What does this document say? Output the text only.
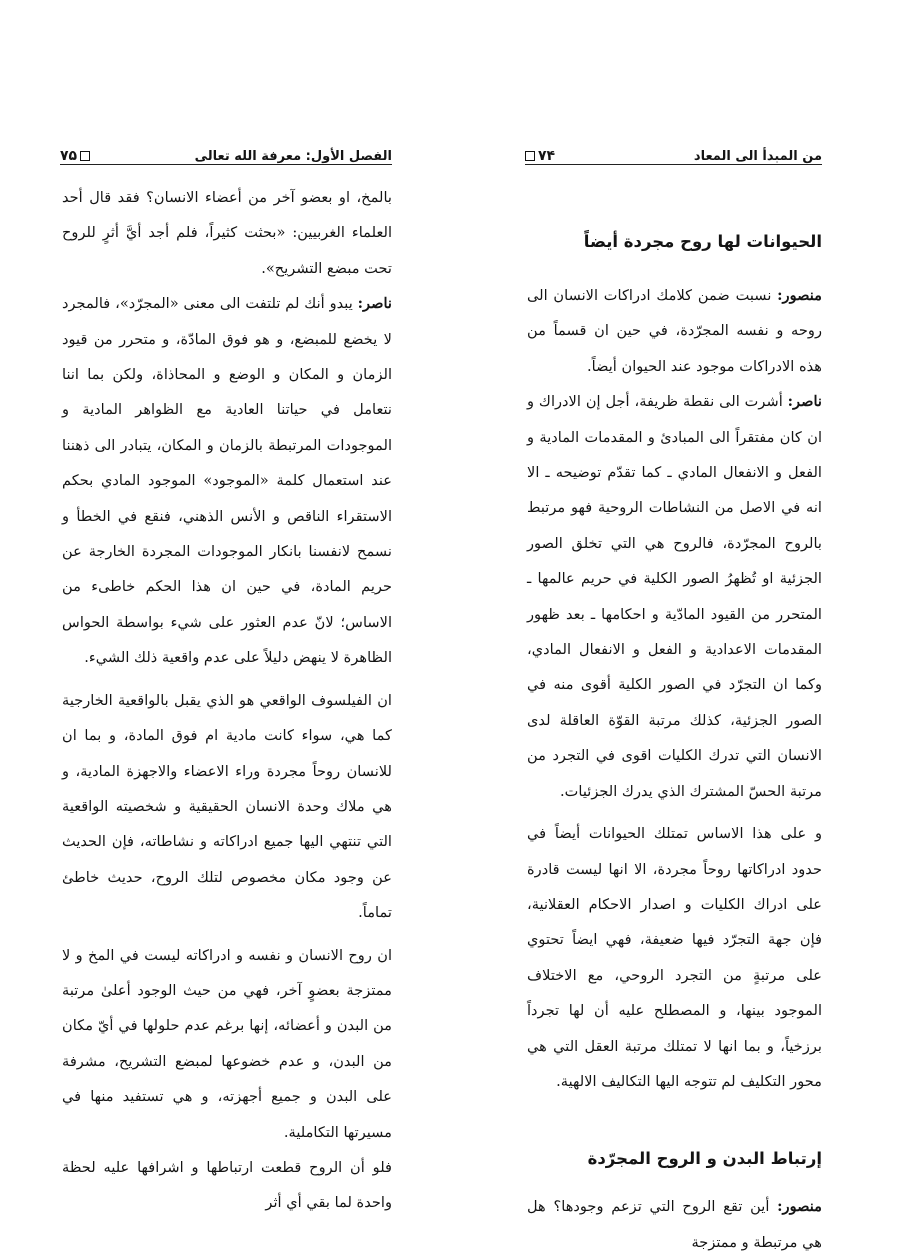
الفصل الأول: معرفة الله تعالى
۷۵

بالمخ، او بعضو آخر من أعضاء الانسان؟ فقد قال أحد العلماء الغربيين: «بحثت كثيراً، فلم أجد أيَّ أثرٍ للروح تحت مبضع التشريح».

ناصر: يبدو أنك لم تلتفت الى معنى «المجرّد»، فالمجرد لا يخضع للمبضع، و هو فوق المادّة، و متحرر من قيود الزمان و المكان و الوضع و المحاذاة، ولكن بما اننا نتعامل في حياتنا العادية مع الظواهر المادية و الموجودات المرتبطة بالزمان و المكان، يتبادر الى ذهننا عند استعمال كلمة «الموجود» الموجود المادي بحكم الاستقراء الناقص و الأنس الذهني، فنقع في الخطأ و نسمح لانفسنا بانكار الموجودات المجردة الخارجة عن حريم المادة، في حين ان هذا الحكم خاطىء من الاساس؛ لانّ عدم العثور على شيء بواسطة الحواس الظاهرة لا ينهض دليلاً على عدم واقعية ذلك الشيء.

ان الفيلسوف الواقعي هو الذي يقبل بالواقعية الخارجية كما هي، سواء كانت مادية ام فوق المادة، و بما ان للانسان روحاً مجردة وراء الاعضاء والاجهزة المادية، و هي ملاك وحدة الانسان الحقيقية و شخصيته الواقعية التي تنتهي اليها جميع ادراكاته و نشاطاته، فإن الحديث عن وجود مكان مخصوص لتلك الروح، حديث خاطئ تماماً.

ان روح الانسان و نفسه و ادراكاته ليست في المخ و لا ممتزجة بعضوٍ آخر، فهي من حيث الوجود أعلىٰ مرتبة من البدن و أعضائه، إنها برغم عدم حلولها في أيّ مكان من البدن، و عدم خضوعها لمبضع التشريح، مشرفة على البدن و جميع أجهزته، و هي تستفيد منها في مسيرتها التكاملية.

فلو أن الروح قطعت ارتباطها و اشرافها عليه لحظة واحدة لما بقي أي أثر

من المبدأ الى المعاد
۷۴
الحيوانات لها روح مجردة أيضاً

منصور: نسبت ضمن كلامك ادراكات الانسان الى روحه و نفسه المجرّدة، في حين ان قسماً من هذه الادراكات موجود عند الحيوان أيضاً.

ناصر: أشرت الى نقطة ظريفة، أجل إن الادراك و ان كان مفتقراً الى المبادئ و المقدمات المادية و الفعل و الانفعال المادي ـ كما تقدّم توضيحه ـ الا انه في الاصل من النشاطات الروحية فهو مرتبط بالروح المجرّدة، فالروح هي التي تخلق الصور الجزئية او تُظهرُ الصور الكلية في حريم عالمها ـ المتحرر من القيود المادّية و احكامها ـ بعد ظهور المقدمات الاعدادية و الفعل و الانفعال المادي، وكما ان التجرّد في الصور الكلية أقوى منه في الصور الجزئية، كذلك مرتبة القوّة العاقلة لدى الانسان التي تدرك الكليات اقوى في التجرد من مرتبة الحسّ المشترك الذي يدرك الجزئيات.

و على هذا الاساس تمتلك الحيوانات أيضاً في حدود ادراكاتها روحاً مجردة، الا انها ليست قادرة على ادراك الكليات و اصدار الاحكام العقلانية، فإن جهة التجرّد فيها ضعيفة، فهي ايضاً تحتوي على مرتبةٍ من التجرد الروحي، مع الاختلاف الموجود بينها، و المصطلح عليه أن لها تجرداً برزخياً، و بما انها لا تمتلك مرتبة العقل التي هي محور التكليف لم تتوجه اليها التكاليف الالهية.

إرتباط البدن و الروح المجرّدة

منصور: أين تقع الروح التي تزعم وجودها؟ هل هي مرتبطة و ممتزجة
